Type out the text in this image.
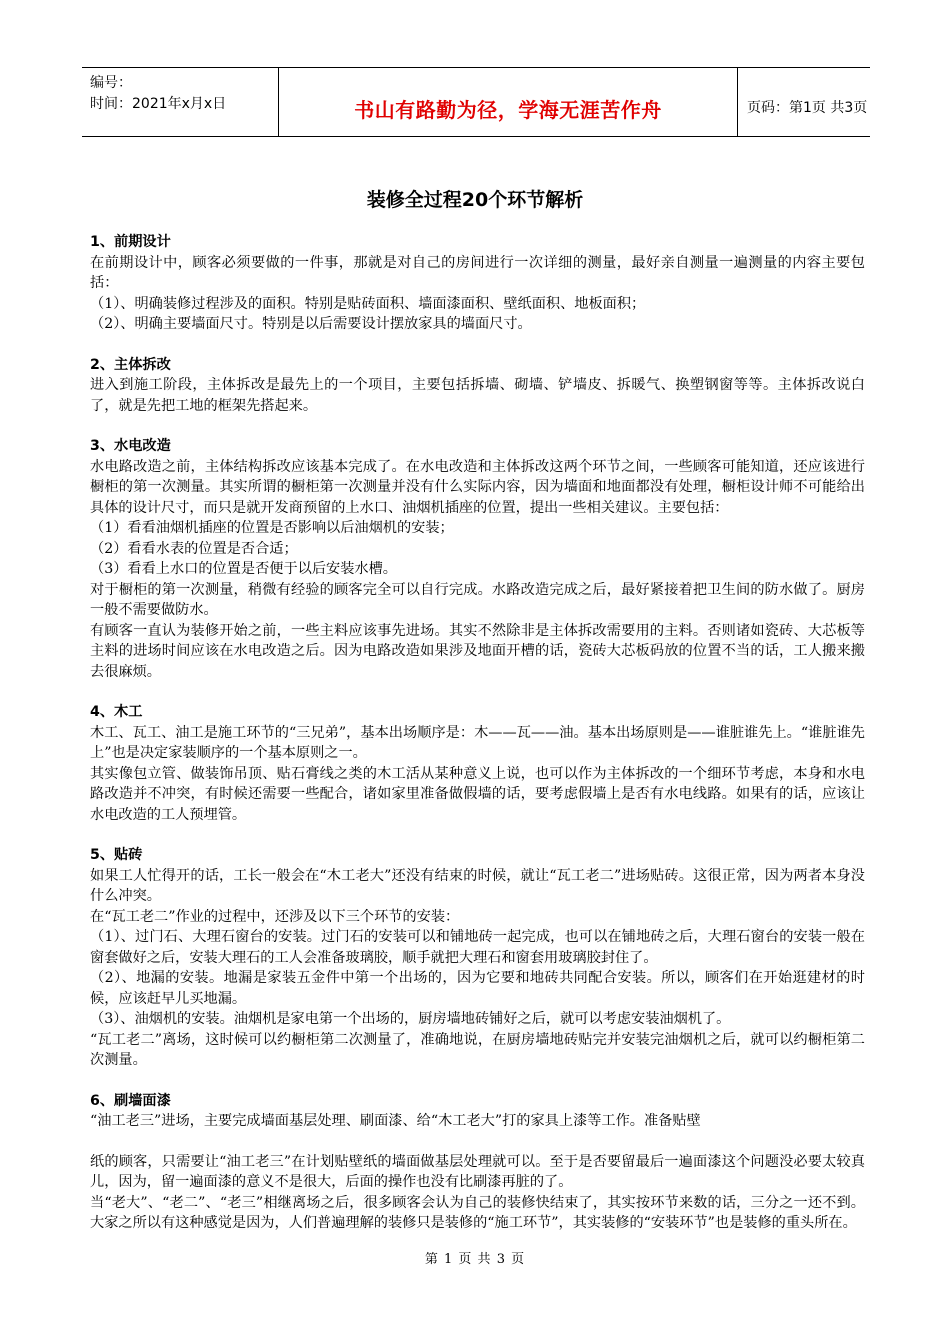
编号：
时间：2021年x月x日	书山有路勤为径，学海无涯苦作舟	页码：第1页 共3页
装修全过程20个环节解析
1、前期设计

在前期设计中，顾客必须要做的一件事，那就是对自己的房间进行一次详细的测量，最好亲自测量一遍测量的内容主要包括：

（1）、明确装修过程涉及的面积。特别是贴砖面积、墙面漆面积、壁纸面积、地板面积；

（2）、明确主要墙面尺寸。特别是以后需要设计摆放家具的墙面尺寸。

2、主体拆改

进入到施工阶段，主体拆改是最先上的一个项目，主要包括拆墙、砌墙、铲墙皮、拆暖气、换塑钢窗等等。主体拆改说白了，就是先把工地的框架先搭起来。

3、水电改造

水电路改造之前，主体结构拆改应该基本完成了。在水电改造和主体拆改这两个环节之间，一些顾客可能知道，还应该进行橱柜的第一次测量。其实所谓的橱柜第一次测量并没有什么实际内容，因为墙面和地面都没有处理，橱柜设计师不可能给出具体的设计尺寸，而只是就开发商预留的上水口、油烟机插座的位置，提出一些相关建议。主要包括：

（1）看看油烟机插座的位置是否影响以后油烟机的安装；

（2）看看水表的位置是否合适；

（3）看看上水口的位置是否便于以后安装水槽。

对于橱柜的第一次测量，稍微有经验的顾客完全可以自行完成。水路改造完成之后，最好紧接着把卫生间的防水做了。厨房一般不需要做防水。

有顾客一直认为装修开始之前，一些主料应该事先进场。其实不然除非是主体拆改需要用的主料。否则诸如瓷砖、大芯板等主料的进场时间应该在水电改造之后。因为电路改造如果涉及地面开槽的话，瓷砖大芯板码放的位置不当的话，工人搬来搬去很麻烦。

4、木工

木工、瓦工、油工是施工环节的“三兄弟”，基本出场顺序是：木——瓦——油。基本出场原则是——谁脏谁先上。“谁脏谁先上”也是决定家装顺序的一个基本原则之一。

其实像包立管、做装饰吊顶、贴石膏线之类的木工活从某种意义上说，也可以作为主体拆改的一个细环节考虑，本身和水电路改造并不冲突，有时候还需要一些配合，诸如家里准备做假墙的话，要考虑假墙上是否有水电线路。如果有的话，应该让水电改造的工人预埋管。

5、贴砖

如果工人忙得开的话，工长一般会在“木工老大”还没有结束的时候，就让“瓦工老二”进场贴砖。这很正常，因为两者本身没什么冲突。

在“瓦工老二”作业的过程中，还涉及以下三个环节的安装：

（1）、过门石、大理石窗台的安装。过门石的安装可以和铺地砖一起完成，也可以在铺地砖之后，大理石窗台的安装一般在窗套做好之后，安装大理石的工人会准备玻璃胶，顺手就把大理石和窗套用玻璃胶封住了。

（2）、地漏的安装。地漏是家装五金件中第一个出场的，因为它要和地砖共同配合安装。所以，顾客们在开始逛建材的时候，应该赶早儿买地漏。

（3）、油烟机的安装。油烟机是家电第一个出场的，厨房墙地砖铺好之后，就可以考虑安装油烟机了。

“瓦工老二”离场，这时候可以约橱柜第二次测量了，准确地说，在厨房墙地砖贴完并安装完油烟机之后，就可以约橱柜第二次测量。

6、刷墙面漆

“油工老三”进场，主要完成墙面基层处理、刷面漆、给“木工老大”打的家具上漆等工作。准备贴壁

纸的顾客，只需要让“油工老三”在计划贴壁纸的墙面做基层处理就可以。至于是否要留最后一遍面漆这个问题没必要太较真儿，因为，留一遍面漆的意义不是很大，后面的操作也没有比刷漆再脏的了。

当“老大”、“老二”、“老三”相继离场之后，很多顾客会认为自己的装修快结束了，其实按环节来数的话，三分之一还不到。大家之所以有这种感觉是因为，人们普遍理解的装修只是装修的“施工环节”，其实装修的“安装环节”也是装修的重头所在。

第 1 页 共 3 页
